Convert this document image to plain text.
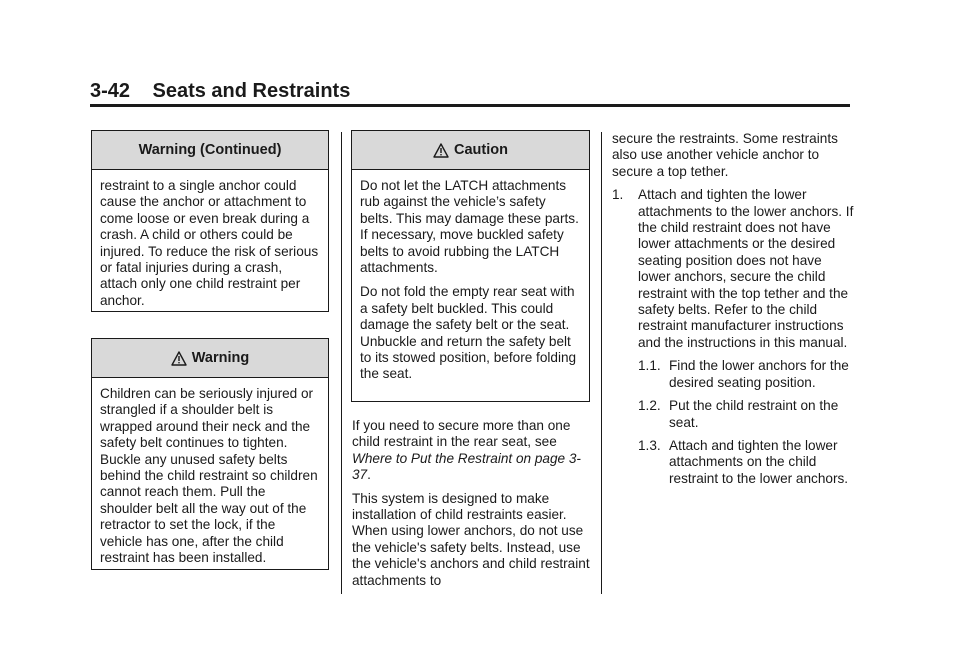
3-42 Seats and Restraints
Warning (Continued)

restraint to a single anchor could cause the anchor or attachment to come loose or even break during a crash. A child or others could be injured. To reduce the risk of serious or fatal injuries during a crash, attach only one child restraint per anchor.

Warning

Children can be seriously injured or strangled if a shoulder belt is wrapped around their neck and the safety belt continues to tighten. Buckle any unused safety belts behind the child restraint so children cannot reach them. Pull the shoulder belt all the way out of the retractor to set the lock, if the vehicle has one, after the child restraint has been installed.

Caution

Do not let the LATCH attachments rub against the vehicle’s safety belts. This may damage these parts. If necessary, move buckled safety belts to avoid rubbing the LATCH attachments.

Do not fold the empty rear seat with a safety belt buckled. This could damage the safety belt or the seat. Unbuckle and return the safety belt to its stowed position, before folding the seat.

If you need to secure more than one child restraint in the rear seat, see Where to Put the Restraint on page 3-37.

This system is designed to make installation of child restraints easier. When using lower anchors, do not use the vehicle's safety belts. Instead, use the vehicle's anchors and child restraint attachments to

secure the restraints. Some restraints also use another vehicle anchor to secure a top tether.

1. Attach and tighten the lower attachments to the lower anchors. If the child restraint does not have lower attachments or the desired seating position does not have lower anchors, secure the child restraint with the top tether and the safety belts. Refer to the child restraint manufacturer instructions and the instructions in this manual.
1.1. Find the lower anchors for the desired seating position.
1.2. Put the child restraint on the seat.
1.3. Attach and tighten the lower attachments on the child restraint to the lower anchors.
